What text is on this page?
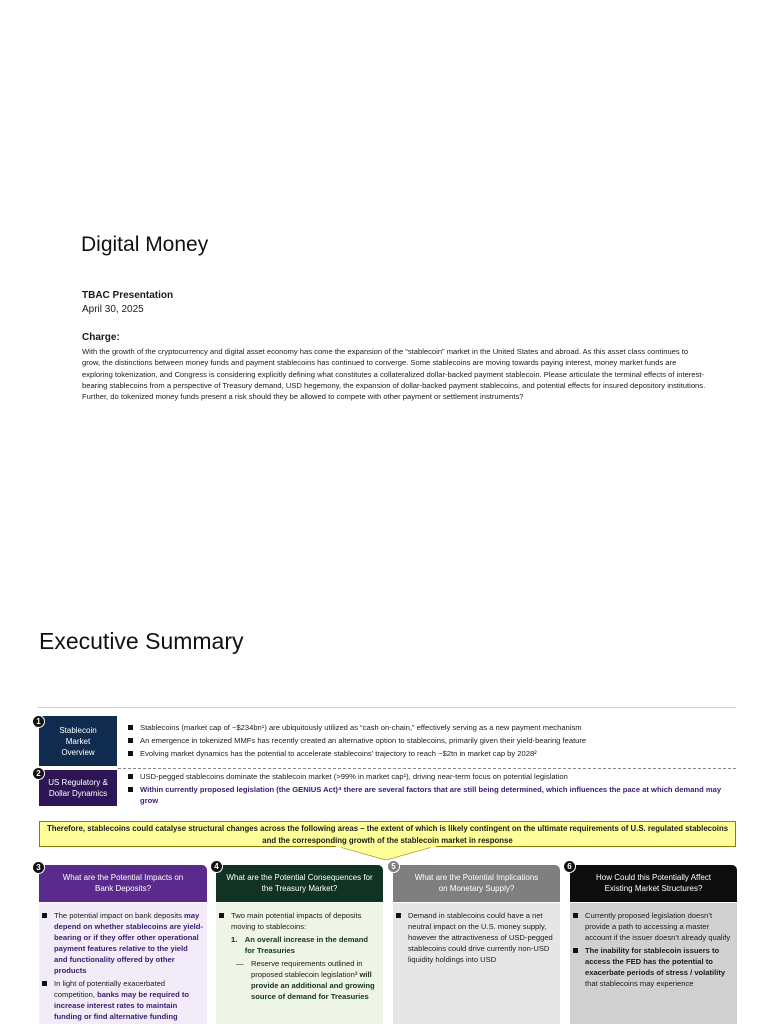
Digital Money
TBAC Presentation
April 30, 2025
Charge:
With the growth of the cryptocurrency and digital asset economy has come the expansion of the “stablecoin” market in the United States and abroad. As this asset class continues to grow, the distinctions between money funds and payment stablecoins has continued to converge. Some stablecoins are moving towards paying interest, money market funds are exploring tokenization, and Congress is considering explicitly defining what constitutes a collateralized dollar-backed payment stablecoin. Please articulate the terminal effects of interest-bearing stablecoins from a perspective of Treasury demand, USD hegemony, the expansion of dollar-backed payment stablecoins, and potential effects for insured depository institutions. Further, do tokenized money funds present a risk should they be allowed to compete with other payment or settlement instruments?
Executive Summary
Stablecoin Market Overview
1
Stablecoins (market cap of ~$234bn¹) are ubiquitously utilized as “cash on-chain,” effectively serving as a new payment mechanism
An emergence in tokenized MMFs has recently created an alternative option to stablecoins, primarily given their yield-bearing feature
Evolving market dynamics has the potential to accelerate stablecoins’ trajectory to reach ~$2tn in market cap by 2028²
US Regulatory & Dollar Dynamics
2	USD-pegged stablecoins dominate the stablecoin market (>99% in market cap¹), driving near-term focus on potential legislation
Within currently proposed legislation (the GENIUS Act)⁴ there are several factors that are still being determined, which influences the pace at which demand may grow
Therefore, stablecoins could catalyse structural changes across the following areas – the extent of which is likely contingent on the ultimate requirements of U.S. regulated stablecoins and the corresponding growth of the stablecoin market in response
What are the Potential Impacts on Bank Deposits?
3
The potential impact on bank deposits may depend on whether stablecoins are yield-bearing or if they offer other operational payment features relative to the yield and functionality offered by other products
In light of potentially exacerbated competition, banks may be required to increase interest rates to maintain funding or find alternative funding
What are the Potential Consequences for the Treasury Market?
4
Two main potential impacts of deposits moving to stablecoins:
1. An overall increase in the demand for Treasuries
— Reserve requirements outlined in proposed stablecoin legislation³ will provide an additional and growing source of demand for Treasuries
What are the Potential Implications on Monetary Supply?
5
Demand in stablecoins could have a net neutral impact on the U.S. money supply, however the attractiveness of USD-pegged stablecoins could drive currently non-USD liquidity holdings into USD
How Could this Potentially Affect Existing Market Structures?
6
Currently proposed legislation doesn’t provide a path to accessing a master account if the issuer doesn’t already qualify
The inability for stablecoin issuers to access the FED has the potential to exacerbate periods of stress / volatility that stablecoins may experience
